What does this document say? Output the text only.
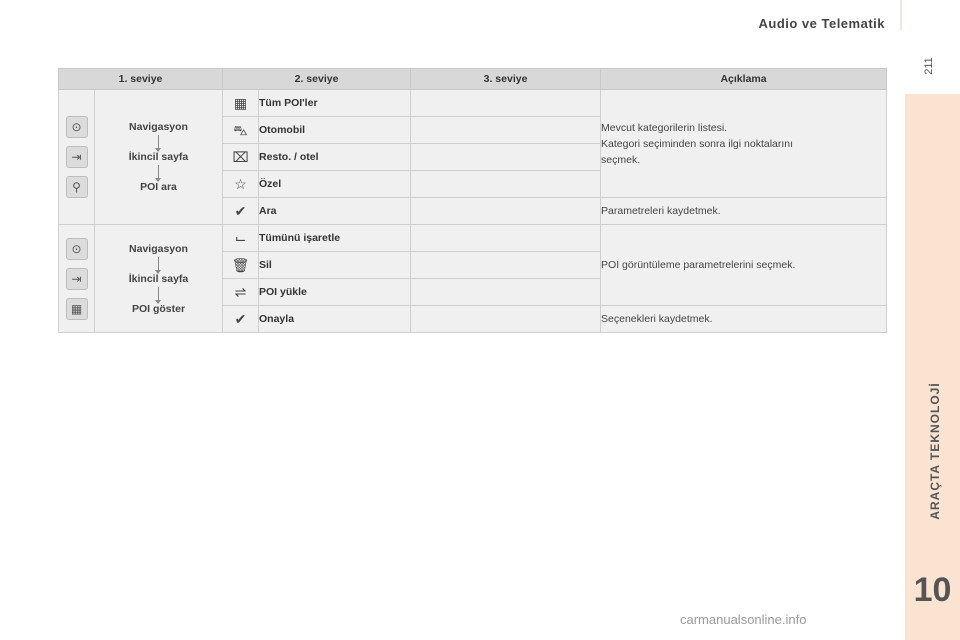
Audio ve Telematik
211
ARAÇTA TEKNOLOJİ
10
1. seviye		2. seviye		3. seviye	Açıklama
⊙
⇥
⚲	Navigasyon
İkincil sayfa
POI ara	▦	Tüm POI'ler		Mevcut kategorilerin listesi.
Kategori seçiminden sonra ilgi noktalarını
seçmek.
		⛍	Otomobil		
		⌧	Resto. / otel		
		☆	Özel		
		✔	Ara		Parametreleri kaydetmek.
⊙
⇥
▦	Navigasyon
İkincil sayfa
POI göster	⌙	Tümünü işaretle		POI görüntüleme parametrelerini seçmek.
		🗑	Sil		
		⇌	POI yükle		
		✔	Onayla		Seçenekleri kaydetmek.
carmanualsonline.info
